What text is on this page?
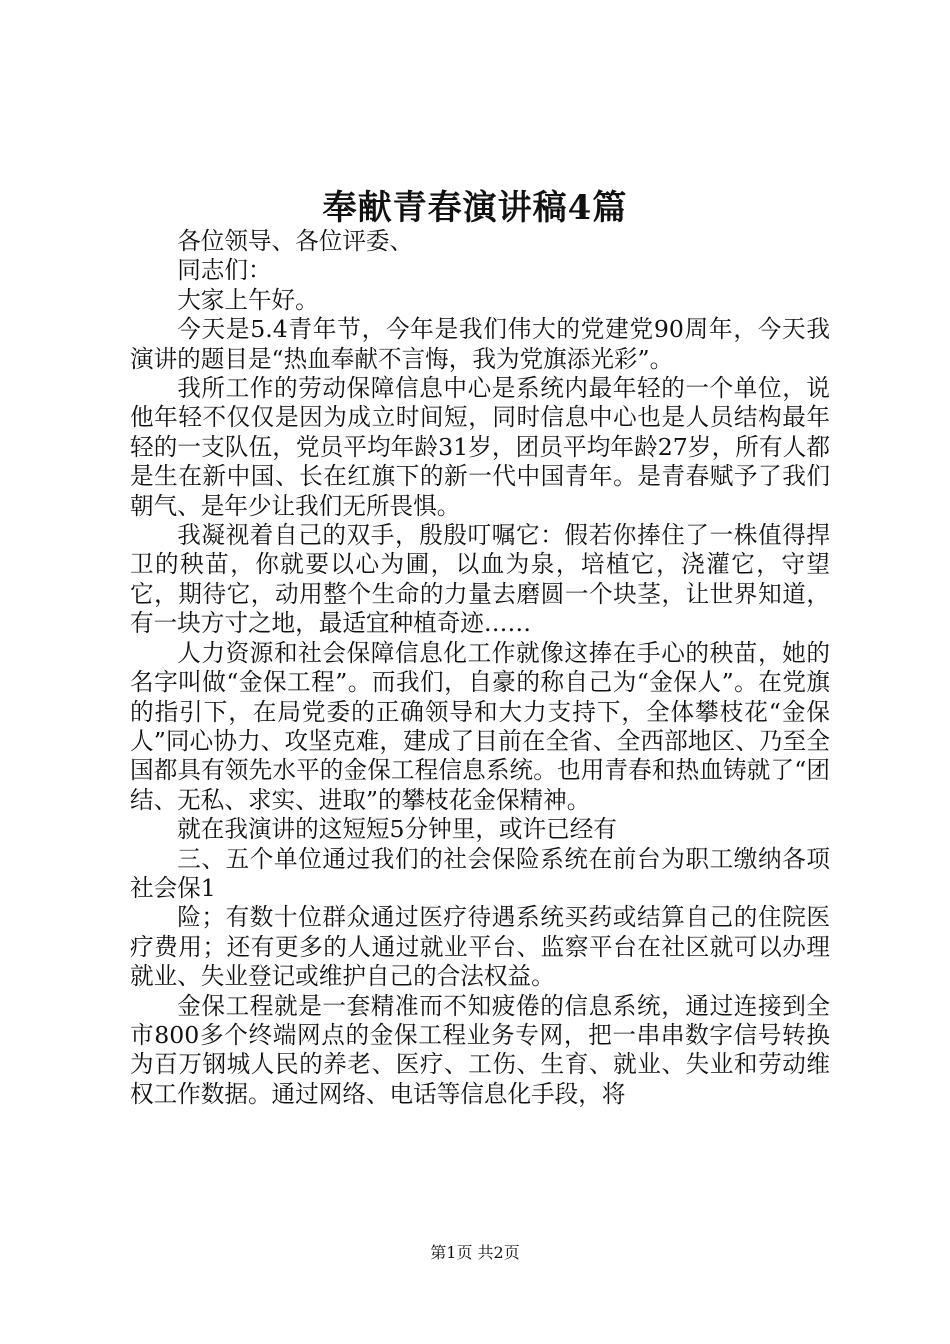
奉献青春演讲稿4篇

各位领导、各位评委、

同志们：

大家上午好。

今天是5.4青年节，今年是我们伟大的党建党90周年，今天我演讲的题目是“热血奉献不言悔，我为党旗添光彩”。

我所工作的劳动保障信息中心是系统内最年轻的一个单位，说他年轻不仅仅是因为成立时间短，同时信息中心也是人员结构最年轻的一支队伍，党员平均年龄31岁，团员平均年龄27岁，所有人都是生在新中国、长在红旗下的新一代中国青年。是青春赋予了我们朝气、是年少让我们无所畏惧。

我凝视着自己的双手，殷殷叮嘱它：假若你捧住了一株值得捍卫的秧苗，你就要以心为圃，以血为泉，培植它，浇灌它，守望它，期待它，动用整个生命的力量去磨圆一个块茎，让世界知道，有一块方寸之地，最适宜种植奇迹……

人力资源和社会保障信息化工作就像这捧在手心的秧苗，她的名字叫做“金保工程”。而我们，自豪的称自己为“金保人”。在党旗的指引下，在局党委的正确领导和大力支持下，全体攀枝花“金保人”同心协力、攻坚克难，建成了目前在全省、全西部地区、乃至全国都具有领先水平的金保工程信息系统。也用青春和热血铸就了“团结、无私、求实、进取”的攀枝花金保精神。

就在我演讲的这短短5分钟里，或许已经有

三、五个单位通过我们的社会保险系统在前台为职工缴纳各项社会保1

险；有数十位群众通过医疗待遇系统买药或结算自己的住院医疗费用；还有更多的人通过就业平台、监察平台在社区就可以办理就业、失业登记或维护自己的合法权益。

金保工程就是一套精准而不知疲倦的信息系统，通过连接到全市800多个终端网点的金保工程业务专网，把一串串数字信号转换为百万钢城人民的养老、医疗、工伤、生育、就业、失业和劳动维权工作数据。通过网络、电话等信息化手段，将

第1页 共2页
